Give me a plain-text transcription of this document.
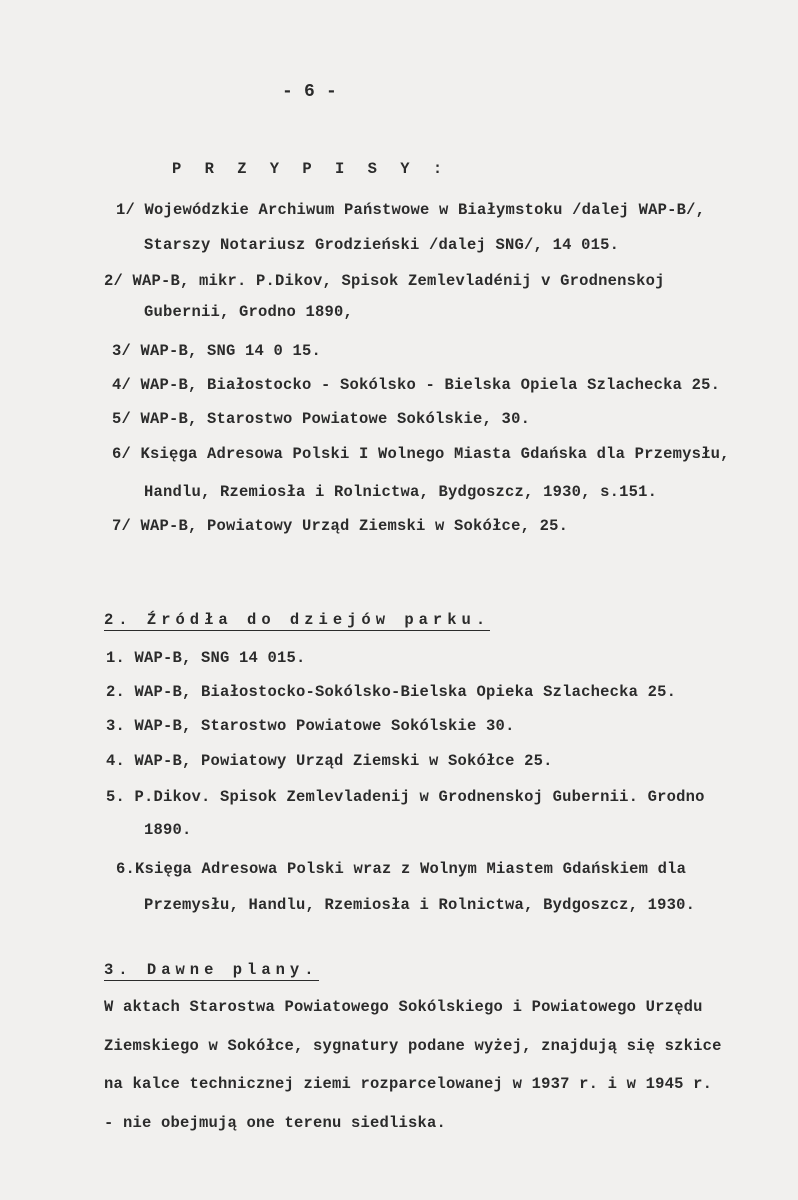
- 6 -
P R Z Y P I S Y :
1/ Wojewódzkie Archiwum Państwowe w Białymstoku /dalej WAP-B/,
Starszy Notariusz Grodzieński /dalej SNG/, 14 015.
2/ WAP-B, mikr. P.Dikov, Spisok Zemlevladénij v Grodnenskoj
Gubernii, Grodno 1890,
3/ WAP-B, SNG 14 0 15.
4/ WAP-B, Białostocko - Sokólsko - Bielska Opiela Szlachecka 25.
5/ WAP-B, Starostwo Powiatowe Sokólskie, 30.
6/ Księga Adresowa Polski I Wolnego Miasta Gdańska dla Przemysłu,
Handlu, Rzemiosła i Rolnictwa, Bydgoszcz, 1930, s.151.
7/ WAP-B, Powiatowy Urząd Ziemski w Sokółce, 25.
2. Źródła do dziejów parku.
1. WAP-B, SNG 14 015.
2. WAP-B, Białostocko-Sokólsko-Bielska Opieka Szlachecka 25.
3. WAP-B, Starostwo Powiatowe Sokólskie 30.
4. WAP-B, Powiatowy Urząd Ziemski w Sokółce 25.
5. P.Dikov. Spisok Zemlevladenij w Grodnenskoj Gubernii. Grodno
1890.
6.Księga Adresowa Polski wraz z Wolnym Miastem Gdańskiem dla
Przemysłu, Handlu, Rzemiosła i Rolnictwa, Bydgoszcz, 1930.
3. Dawne plany.
W aktach Starostwa Powiatowego Sokólskiego i Powiatowego Urzędu
Ziemskiego w Sokółce, sygnatury podane wyżej, znajdują się szkice
na kalce technicznej ziemi rozparcelowanej w 1937 r. i w 1945 r.
- nie obejmują one terenu siedliska.
